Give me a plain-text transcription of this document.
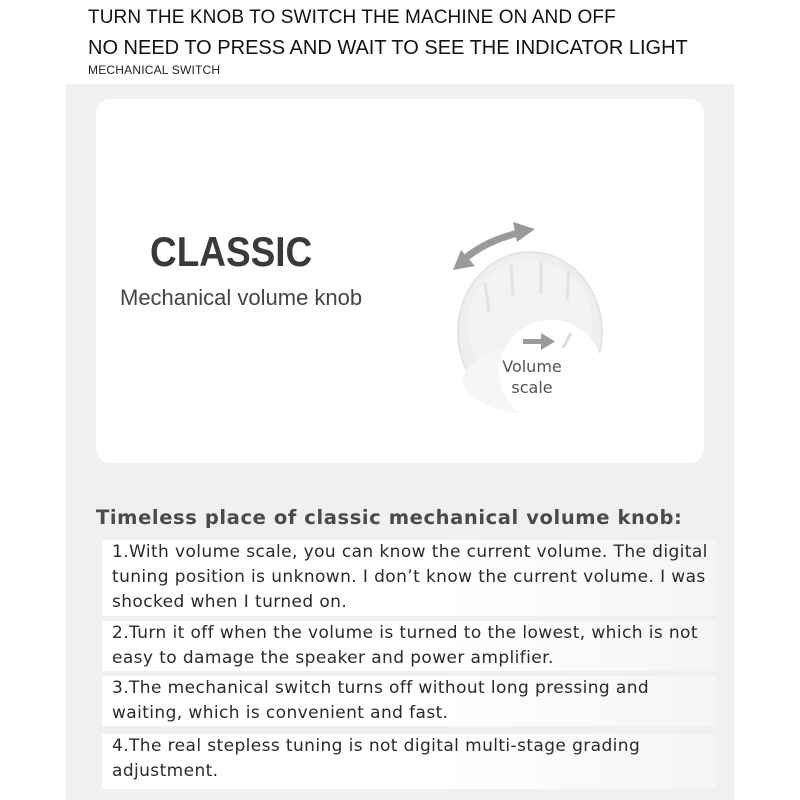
TURN THE KNOB TO SWITCH THE MACHINE ON AND OFF
NO NEED TO PRESS AND WAIT TO SEE THE INDICATOR LIGHT
MECHANICAL SWITCH
CLASSIC
Mechanical volume knob
Volume
scale
Timeless place of classic mechanical volume knob:
1.With volume scale, you can know the current volume. The digital tuning position is unknown. I don’t know the current volume. I was shocked when I turned on.
2.Turn it off when the volume is turned to the lowest, which is not easy to damage the speaker and power amplifier.
3.The mechanical switch turns off without long pressing and waiting, which is convenient and fast.
4.The real stepless tuning is not digital multi-stage grading adjustment.
